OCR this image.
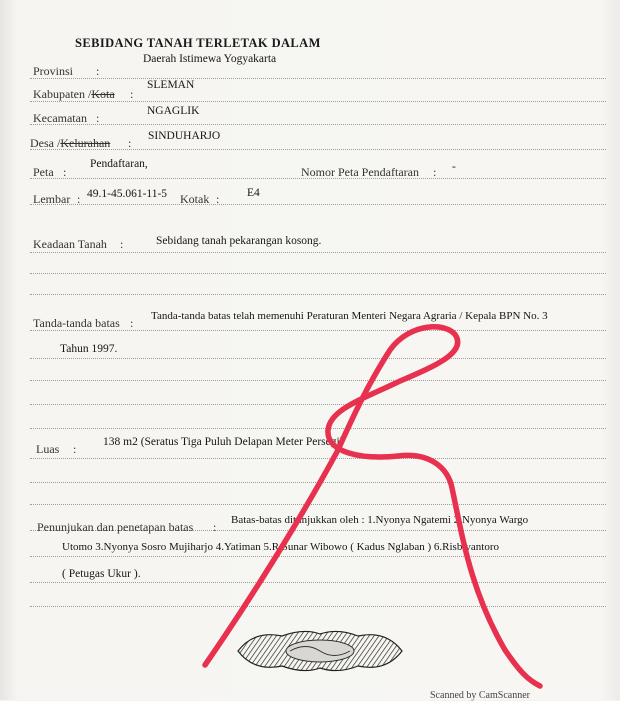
SEBIDANG TANAH TERLETAK DALAM
Provinsi :
Daerah Istimewa Yogyakarta
Kabupaten /Kota :
SLEMAN
Kecamatan :	NGAGLIK
Desa /Kelurahan : SINDUHARJO
Peta :
Pendaftaran,
Nomor Peta Pendaftaran : -
Lembar : 49.1-45.061-11-5 Kotak : E4
Keadaan Tanah :	Sebidang tanah pekarangan kosong.
Tanda-tanda batas : Tanda-tanda batas telah memenuhi Peraturan Menteri Negara Agraria / Kepala BPN No. 3
Tahun 1997.
Luas : 138 m2 (Seratus Tiga Puluh Delapan Meter Persegi)
Penunjukan dan penetapan batas : Batas-batas ditunjukkan oleh : 1.Nyonya Ngatemi 2.Nyonya Wargo
Utomo 3.Nyonya Sosro Mujiharjo 4.Yatiman 5.R.Sunar Wibowo ( Kadus Nglaban ) 6.Risbiyantoro
( Petugas Ukur ).
Scanned by CamScanner
